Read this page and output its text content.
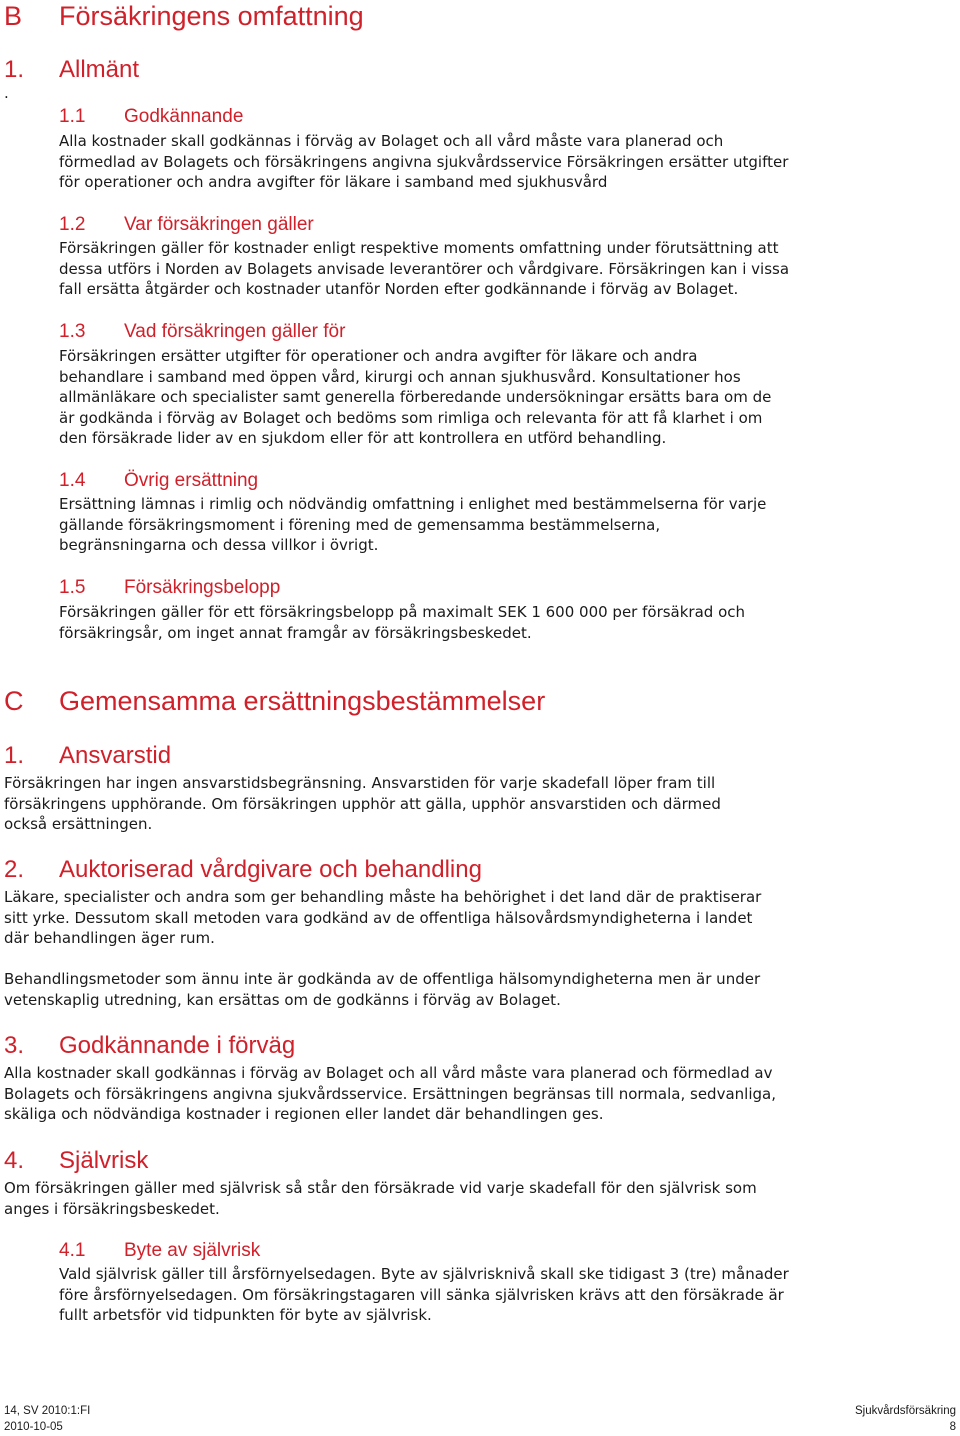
B Försäkringens omfattning
1. Allmänt
.
1.1 Godkännande
Alla kostnader skall godkännas i förväg av Bolaget och all vård måste vara planerad och
förmedlad av Bolagets och försäkringens angivna sjukvårdsservice Försäkringen ersätter utgifter
för operationer och andra avgifter för läkare i samband med sjukhusvård
1.2 Var försäkringen gäller
Försäkringen gäller för kostnader enligt respektive moments omfattning under förutsättning att
dessa utförs i Norden av Bolagets anvisade leverantörer och vårdgivare. Försäkringen kan i vissa
fall ersätta åtgärder och kostnader utanför Norden efter godkännande i förväg av Bolaget.
1.3 Vad försäkringen gäller för
Försäkringen ersätter utgifter för operationer och andra avgifter för läkare och andra
behandlare i samband med öppen vård, kirurgi och annan sjukhusvård. Konsultationer hos
allmänläkare och specialister samt generella förberedande undersökningar ersätts bara om de
är godkända i förväg av Bolaget och bedöms som rimliga och relevanta för att få klarhet i om
den försäkrade lider av en sjukdom eller för att kontrollera en utförd behandling.
1.4 Övrig ersättning
Ersättning lämnas i rimlig och nödvändig omfattning i enlighet med bestämmelserna för varje
gällande försäkringsmoment i förening med de gemensamma bestämmelserna,
begränsningarna och dessa villkor i övrigt.
1.5 Försäkringsbelopp
Försäkringen gäller för ett försäkringsbelopp på maximalt SEK 1 600 000 per försäkrad och
försäkringsår, om inget annat framgår av försäkringsbeskedet.
C Gemensamma ersättningsbestämmelser
1. Ansvarstid
Försäkringen har ingen ansvarstidsbegränsning. Ansvarstiden för varje skadefall löper fram till
försäkringens upphörande. Om försäkringen upphör att gälla, upphör ansvarstiden och därmed
också ersättningen.
2. Auktoriserad vårdgivare och behandling
Läkare, specialister och andra som ger behandling måste ha behörighet i det land där de praktiserar
sitt yrke. Dessutom skall metoden vara godkänd av de offentliga hälsovårdsmyndigheterna i landet
där behandlingen äger rum.
Behandlingsmetoder som ännu inte är godkända av de offentliga hälsomyndigheterna men är under
vetenskaplig utredning, kan ersättas om de godkänns i förväg av Bolaget.
3. Godkännande i förväg
Alla kostnader skall godkännas i förväg av Bolaget och all vård måste vara planerad och förmedlad av
Bolagets och försäkringens angivna sjukvårdsservice. Ersättningen begränsas till normala, sedvanliga,
skäliga och nödvändiga kostnader i regionen eller landet där behandlingen ges.
4. Självrisk
Om försäkringen gäller med självrisk så står den försäkrade vid varje skadefall för den självrisk som
anges i försäkringsbeskedet.
4.1 Byte av självrisk
Vald självrisk gäller till årsförnyelsedagen. Byte av självrisknivå skall ske tidigast 3 (tre) månader
före årsförnyelsedagen. Om försäkringstagaren vill sänka självrisken krävs att den försäkrade är
fullt arbetsför vid tidpunkten för byte av självrisk.
14, SV 2010:1:FI
2010-10-05
Sjukvårdsförsäkring
8
